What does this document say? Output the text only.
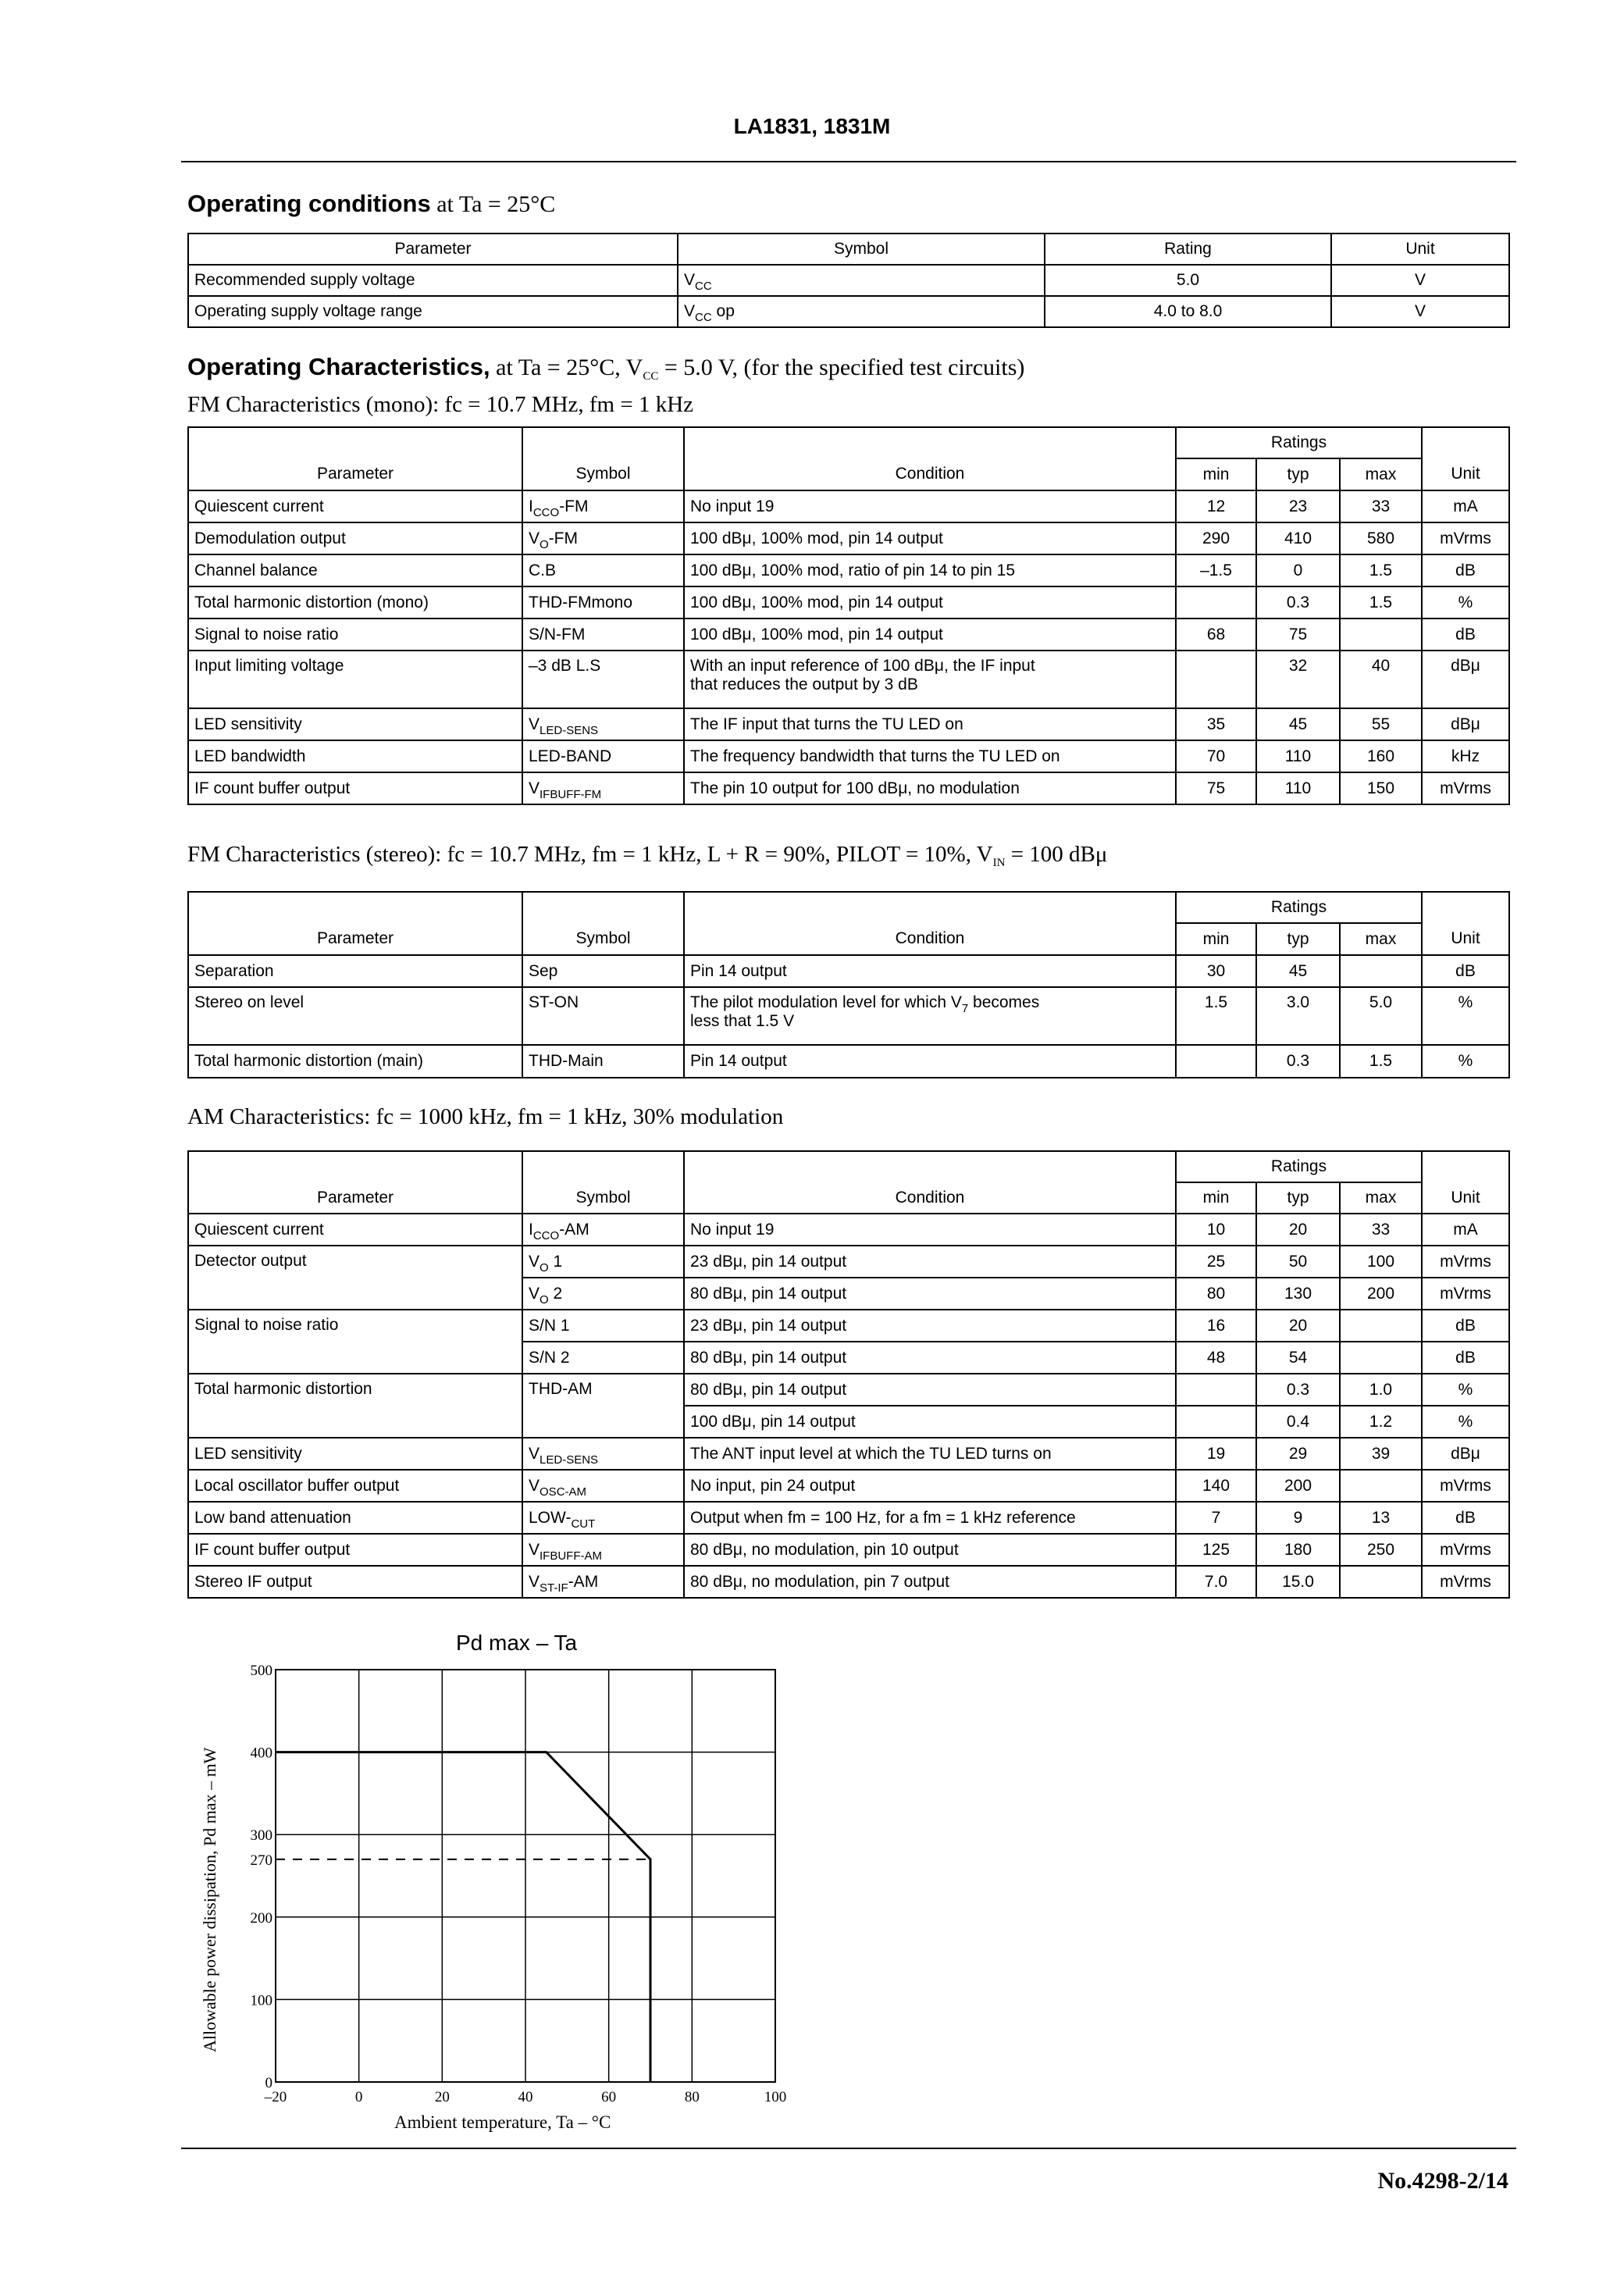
LA1831, 1831M
Operating conditions at Ta = 25°C
Parameter	Symbol	Rating	Unit
Recommended supply voltage	$V_{CC}$	5.0	V
Operating supply voltage range	$V_{CC}$ op	4.0 to 8.0	V
Operating Characteristics, at Ta = 25°C, $V_{CC} = 5.0$ V, (for the specified test circuits)
FM Characteristics (mono): fc = 10.7 MHz, fm = 1 kHz
			Ratings			
Parameter	Symbol	Condition	min	typ	max	Unit
Quiescent current	$I_{CCO}-FM$	No input 19	12	23	33	mA
Demodulation output	$V_O-FM$	100 dBμ, 100% mod, pin 14 output	290	410	580	mVrms
Channel balance	C.B	100 dBμ, 100% mod, ratio of pin 14 to pin 15	–1.5	0	1.5	dB
Total harmonic distortion (mono)	THD-FMmono	100 dBμ, 100% mod, pin 14 output		0.3	1.5	%
Signal to noise ratio	S/N-FM	100 dBμ, 100% mod, pin 14 output	68	75		dB
Input limiting voltage	–3 dB L.S	With an input reference of 100 dBμ, the IF input
that reduces the output by 3 dB		32	40	dBμ
LED sensitivity	$V_{LED-SENS}$	The IF input that turns the TU LED on	35	45	55	dBμ
LED bandwidth	LED-BAND	The frequency bandwidth that turns the TU LED on	70	110	160	kHz
IF count buffer output	$V_{IFBUFF-FM}$	The pin 10 output for 100 dBμ, no modulation	75	110	150	mVrms
FM Characteristics (stereo): fc = 10.7 MHz, fm = 1 kHz, L + R = 90%, PILOT = 10%, $V_{IN} = 100$ dBμ
			Ratings			
Parameter	Symbol	Condition	min	typ	max	Unit
Separation	Sep	Pin 14 output	30	45		dB
Stereo on level	ST-ON	The pilot modulation level for which $V_7$ becomes
less that 1.5 V	1.5	3.0	5.0	%
Total harmonic distortion (main)	THD-Main	Pin 14 output		0.3	1.5	%
AM Characteristics: fc = 1000 kHz, fm = 1 kHz, 30% modulation
			Ratings			
Parameter	Symbol	Condition	min	typ	max	Unit
Quiescent current	$I_{CCO}-AM$	No input 19	10	20	33	mA
Detector output	$V_O$ 1	23 dBμ, pin 14 output	25	50	100	mVrms
	$V_O$ 2	80 dBμ, pin 14 output	80	130	200	mVrms
Signal to noise ratio	S/N 1	23 dBμ, pin 14 output	16	20		dB
	S/N 2	80 dBμ, pin 14 output	48	54		dB
Total harmonic distortion	THD-AM	80 dBμ, pin 14 output		0.3	1.0	%
		100 dBμ, pin 14 output		0.4	1.2	%
LED sensitivity	$V_{LED-SENS}$	The ANT input level at which the TU LED turns on	19	29	39	dBμ
Local oscillator buffer output	$V_{OSC-AM}$	No input, pin 24 output	140	200		mVrms
Low band attenuation	LOW-$_{CUT}$	Output when fm = 100 Hz, for a fm = 1 kHz reference	7	9	13	dB
IF count buffer output	$V_{IFBUFF-AM}$	80 dBμ, no modulation, pin 10 output	125	180	250	mVrms
Stereo IF output	$V_{ST-IF}-AM$	80 dBμ, no modulation, pin 7 output	7.0	15.0		mVrms
Pd max – Ta
Allowable power dissipation, Pd max – mW
Ambient temperature, Ta – °C
–20	0	20	40	60	80	100
0
100
200
270
300
400
500
No.4298-2/14
